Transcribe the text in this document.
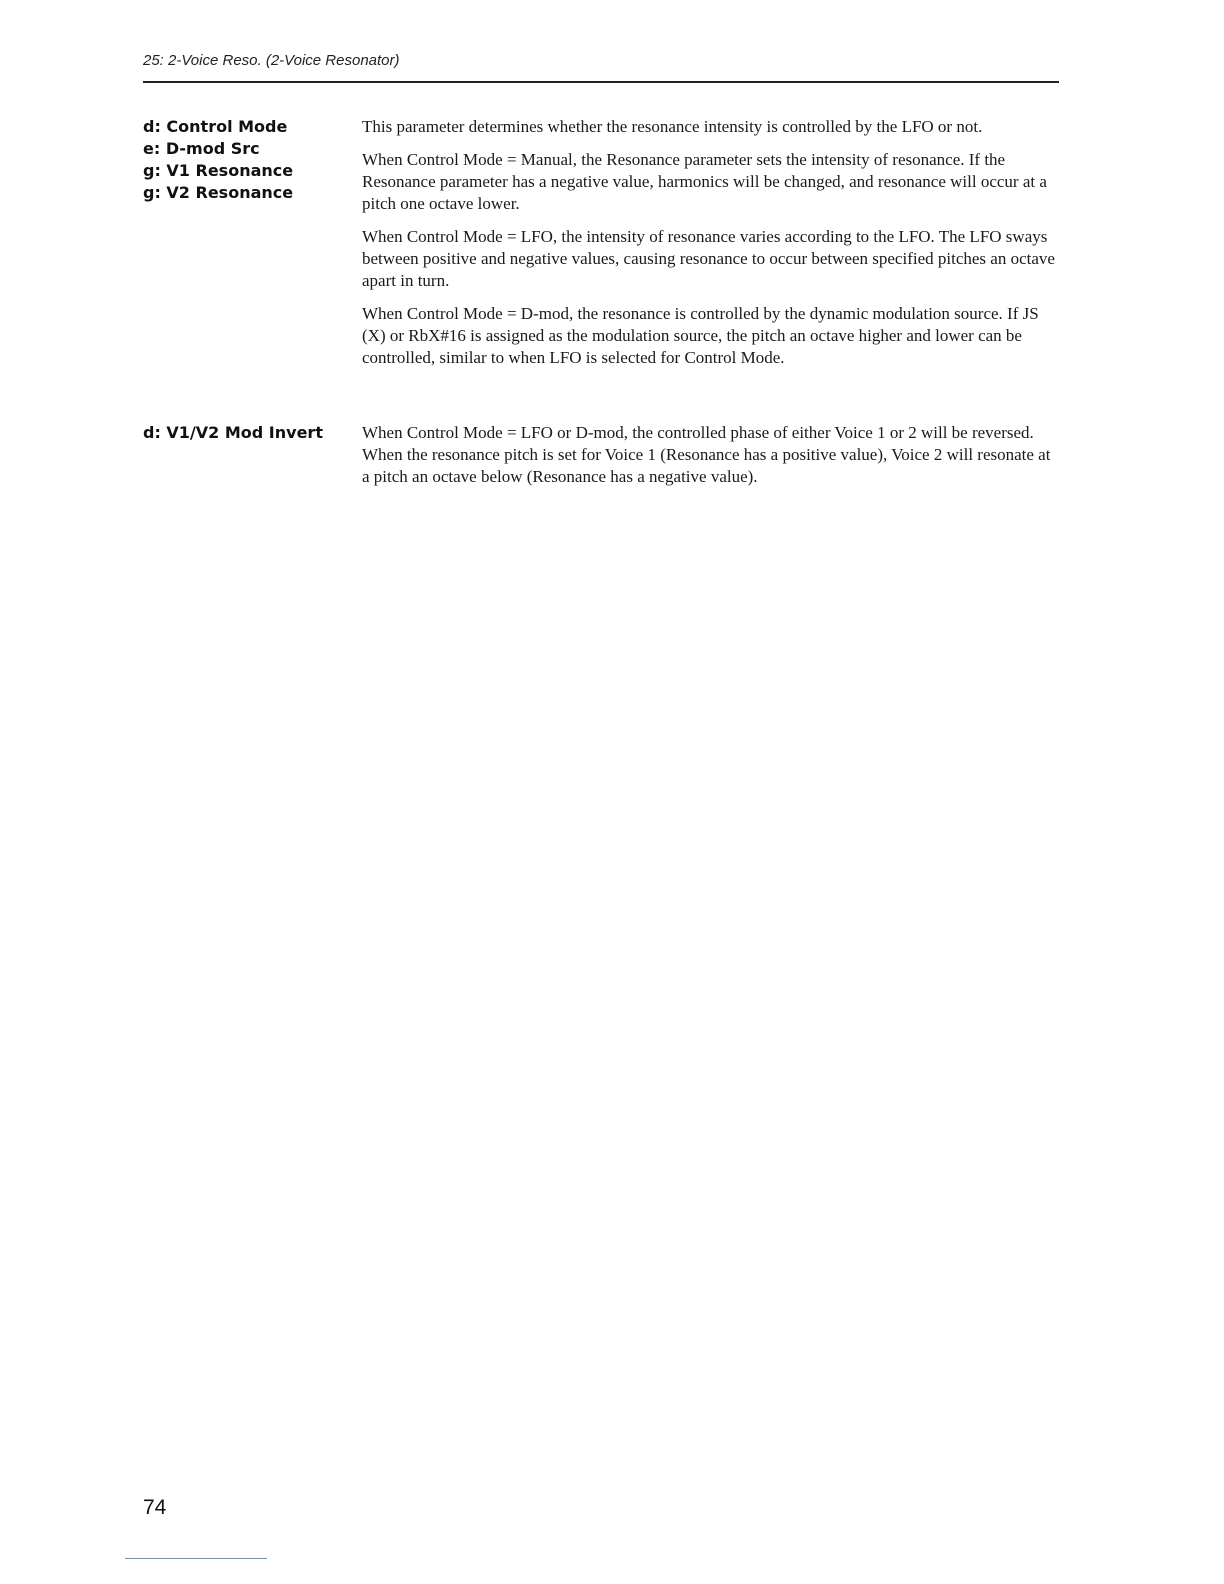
25: 2-Voice Reso. (2-Voice Resonator)
d: Control Mode
e: D-mod Src
g: V1 Resonance
g: V2 Resonance

This parameter determines whether the resonance intensity is controlled by the LFO or not.

When Control Mode = Manual, the Resonance parameter sets the intensity of resonance. If the Resonance parameter has a negative value, harmonics will be changed, and resonance will occur at a pitch one octave lower.

When Control Mode = LFO, the intensity of resonance varies according to the LFO. The LFO sways between positive and negative values, causing resonance to occur between specified pitches an octave apart in turn.

When Control Mode = D-mod, the resonance is controlled by the dynamic modulation source. If JS (X) or RbX#16 is assigned as the modulation source, the pitch an octave higher and lower can be controlled, similar to when LFO is selected for Control Mode.

d: V1/V2 Mod Invert	When Control Mode = LFO or D-mod, the controlled phase of either Voice 1 or 2 will be reversed. When the resonance pitch is set for Voice 1 (Resonance has a positive value), Voice 2 will resonate at a pitch an octave below (Resonance has a negative value).

74
